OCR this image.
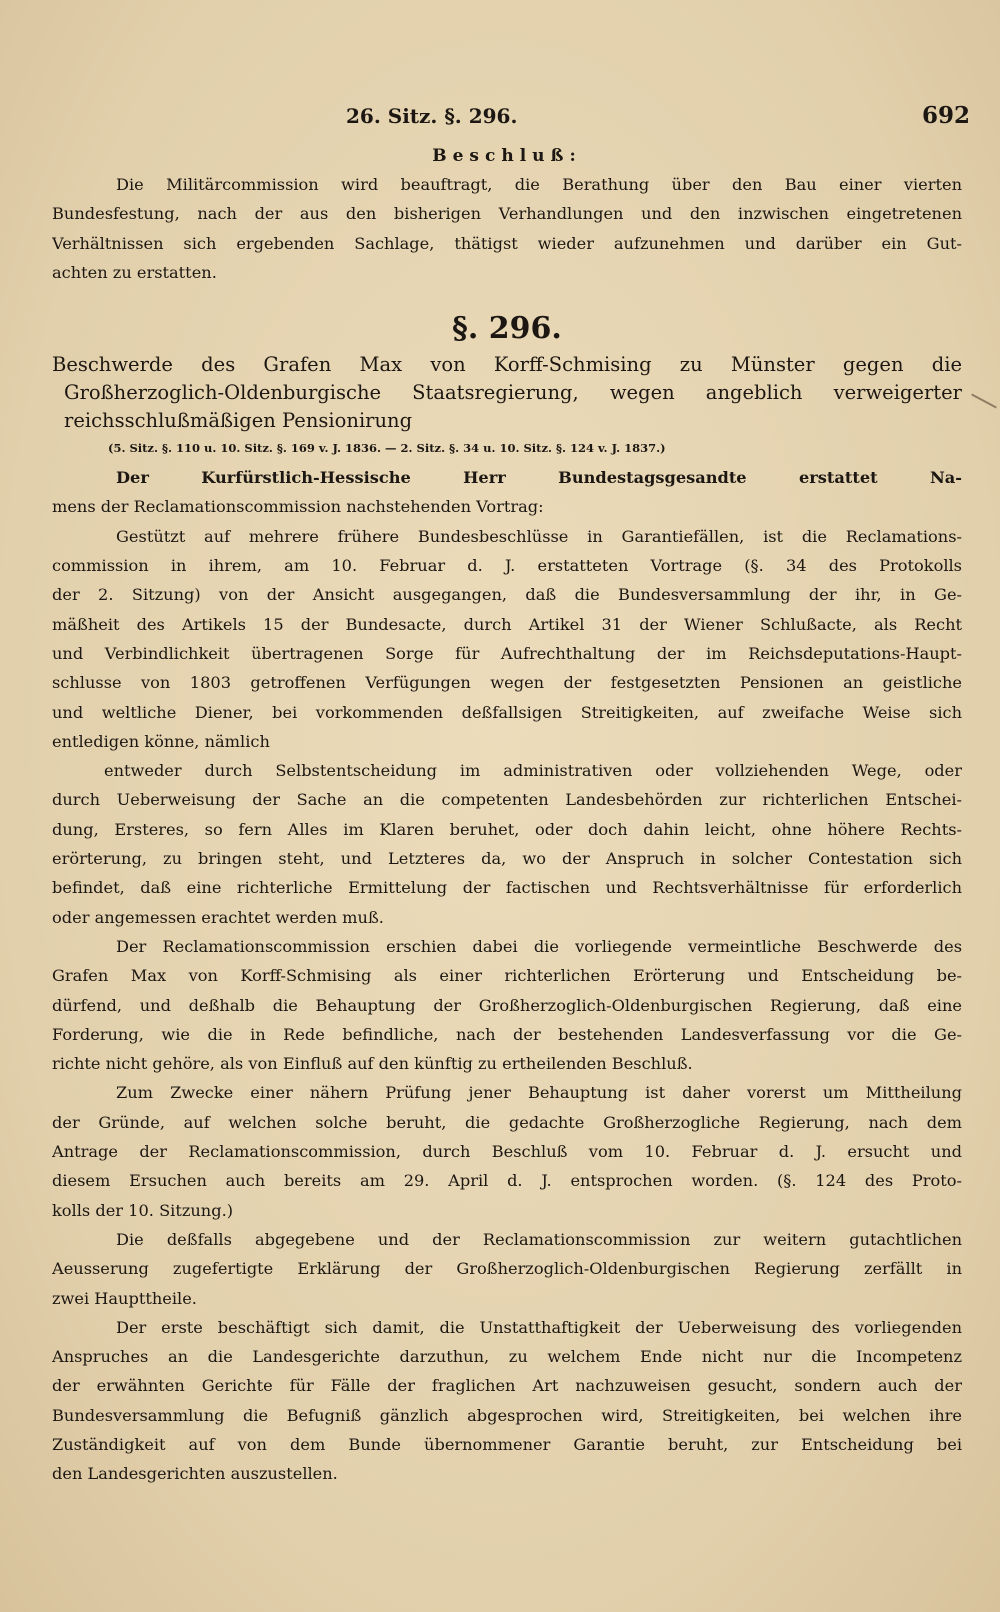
26. Sitz. §. 296.	692
Beschluß:
Die Militärcommission wird beauftragt, die Berathung über den Bau einer vierten
Bundesfestung, nach der aus den bisherigen Verhandlungen und den inzwischen eingetretenen
Verhältnissen sich ergebenden Sachlage, thätigst wieder aufzunehmen und darüber ein Gut-
achten zu erstatten.
§. 296.
Beschwerde des Grafen Max von Korff-Schmising zu Münster gegen die
Großherzoglich-Oldenburgische Staatsregierung, wegen angeblich verweigerter
reichsschlußmäßigen Pensionirung
(5. Sitz. §. 110 u. 10. Sitz. §. 169 v. J. 1836. — 2. Sitz. §. 34 u. 10. Sitz. §. 124 v. J. 1837.)
Der Kurfürstlich-Hessische Herr Bundestagsgesandte erstattet Na-
mens der Reclamationscommission nachstehenden Vortrag:
Gestützt auf mehrere frühere Bundesbeschlüsse in Garantiefällen, ist die Reclamations-
commission in ihrem, am 10. Februar d. J. erstatteten Vortrage (§. 34 des Protokolls
der 2. Sitzung) von der Ansicht ausgegangen, daß die Bundesversammlung der ihr, in Ge-
mäßheit des Artikels 15 der Bundesacte, durch Artikel 31 der Wiener Schlußacte, als Recht
und Verbindlichkeit übertragenen Sorge für Aufrechthaltung der im Reichsdeputations-Haupt-
schlusse von 1803 getroffenen Verfügungen wegen der festgesetzten Pensionen an geistliche
und weltliche Diener, bei vorkommenden deßfallsigen Streitigkeiten, auf zweifache Weise sich
entledigen könne, nämlich
entweder durch Selbstentscheidung im administrativen oder vollziehenden Wege, oder
durch Ueberweisung der Sache an die competenten Landesbehörden zur richterlichen Entschei-
dung, Ersteres, so fern Alles im Klaren beruhet, oder doch dahin leicht, ohne höhere Rechts-
erörterung, zu bringen steht, und Letzteres da, wo der Anspruch in solcher Contestation sich
befindet, daß eine richterliche Ermittelung der factischen und Rechtsverhältnisse für erforderlich
oder angemessen erachtet werden muß.
Der Reclamationscommission erschien dabei die vorliegende vermeintliche Beschwerde des
Grafen Max von Korff-Schmising als einer richterlichen Erörterung und Entscheidung be-
dürfend, und deßhalb die Behauptung der Großherzoglich-Oldenburgischen Regierung, daß eine
Forderung, wie die in Rede befindliche, nach der bestehenden Landesverfassung vor die Ge-
richte nicht gehöre, als von Einfluß auf den künftig zu ertheilenden Beschluß.
Zum Zwecke einer nähern Prüfung jener Behauptung ist daher vorerst um Mittheilung
der Gründe, auf welchen solche beruht, die gedachte Großherzogliche Regierung, nach dem
Antrage der Reclamationscommission, durch Beschluß vom 10. Februar d. J. ersucht und
diesem Ersuchen auch bereits am 29. April d. J. entsprochen worden. (§. 124 des Proto-
kolls der 10. Sitzung.)
Die deßfalls abgegebene und der Reclamationscommission zur weitern gutachtlichen
Aeusserung zugefertigte Erklärung der Großherzoglich-Oldenburgischen Regierung zerfällt in
zwei Haupttheile.
Der erste beschäftigt sich damit, die Unstatthaftigkeit der Ueberweisung des vorliegenden
Anspruches an die Landesgerichte darzuthun, zu welchem Ende nicht nur die Incompetenz
der erwähnten Gerichte für Fälle der fraglichen Art nachzuweisen gesucht, sondern auch der
Bundesversammlung die Befugniß gänzlich abgesprochen wird, Streitigkeiten, bei welchen ihre
Zuständigkeit auf von dem Bunde übernommener Garantie beruht, zur Entscheidung bei
den Landesgerichten auszustellen.
